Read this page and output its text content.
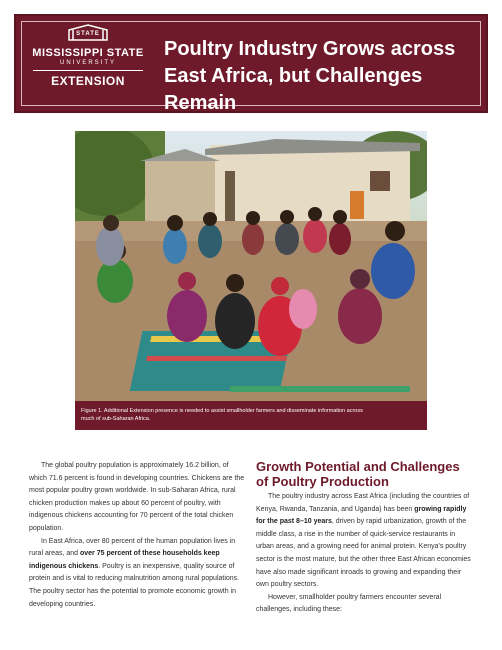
STATE
MISSISSIPPI STATE
UNIVERSITY
EXTENSION
Poultry Industry Grows across
East Africa, but Challenges Remain
Figure 1. Additional Extension presence is needed to assist smallholder farmers and disseminate information across
much of sub-Saharan Africa.

The global poultry population is approximately 16.2 billion, of which 71.6 percent is found in developing countries. Chickens are the most popular poultry grown worldwide. In sub-Saharan Africa, rural chicken production makes up about 60 percent of poultry, with indigenous chickens accounting for 70 percent of the total chicken population.

In East Africa, over 80 percent of the human population lives in rural areas, and over 75 percent of these households keep indigenous chickens. Poultry is an inexpensive, quality source of protein and is vital to reducing malnutrition among rural populations. The poultry sector has the potential to promote economic growth in developing countries.

Growth Potential and Challenges
of Poultry Production

The poultry industry across East Africa (including the countries of Kenya, Rwanda, Tanzania, and Uganda) has been growing rapidly for the past 8–10 years, driven by rapid urbanization, growth of the middle class, a rise in the number of quick-service restaurants in urban areas, and a growing need for animal protein. Kenya's poultry sector is the most mature, but the other three East African economies have also made significant inroads to growing and expanding their own poultry sectors.

However, smallholder poultry farmers encounter several challenges, including these:
